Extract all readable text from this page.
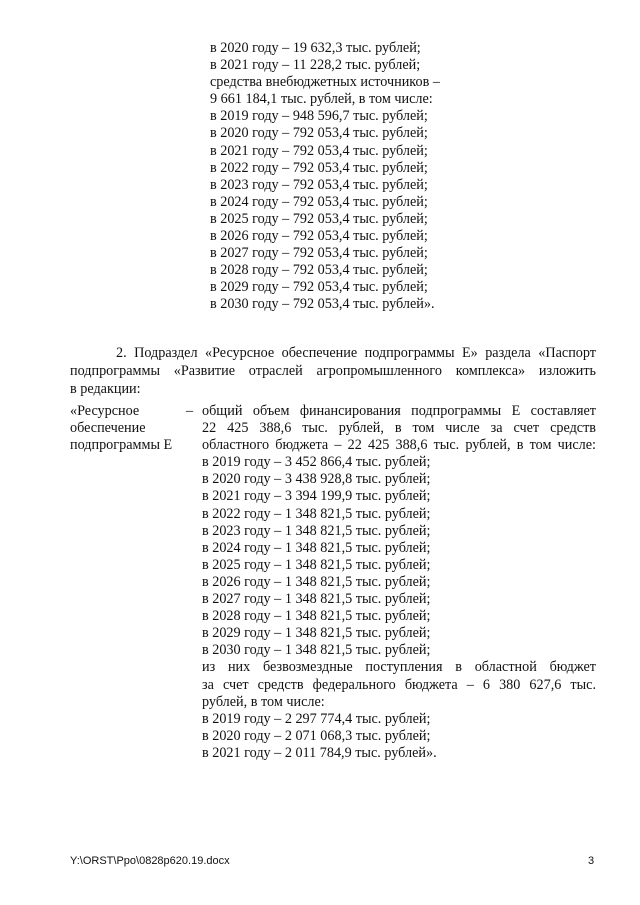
в 2020 году – 19 632,3 тыс. рублей;
в 2021 году – 11 228,2 тыс. рублей;
средства внебюджетных источников –
9 661 184,1 тыс. рублей, в том числе:
в 2019 году – 948 596,7 тыс. рублей;
в 2020 году – 792 053,4 тыс. рублей;
в 2021 году – 792 053,4 тыс. рублей;
в 2022 году – 792 053,4 тыс. рублей;
в 2023 году – 792 053,4 тыс. рублей;
в 2024 году – 792 053,4 тыс. рублей;
в 2025 году – 792 053,4 тыс. рублей;
в 2026 году – 792 053,4 тыс. рублей;
в 2027 году – 792 053,4 тыс. рублей;
в 2028 году – 792 053,4 тыс. рублей;
в 2029 году – 792 053,4 тыс. рублей;
в 2030 году – 792 053,4 тыс. рублей».
2. Подраздел «Ресурсное обеспечение подпрограммы Е» раздела «Паспорт
подпрограммы «Развитие отраслей агропромышленного комплекса» изложить
в редакции:
«Ресурсное
обеспечение
подпрограммы Е
– общий объем финансирования подпрограммы Е составляет
22 425 388,6 тыс. рублей, в том числе за счет средств
областного бюджета – 22 425 388,6 тыс. рублей, в том числе:
в 2019 году – 3 452 866,4 тыс. рублей;
в 2020 году – 3 438 928,8 тыс. рублей;
в 2021 году – 3 394 199,9 тыс. рублей;
в 2022 году – 1 348 821,5 тыс. рублей;
в 2023 году – 1 348 821,5 тыс. рублей;
в 2024 году – 1 348 821,5 тыс. рублей;
в 2025 году – 1 348 821,5 тыс. рублей;
в 2026 году – 1 348 821,5 тыс. рублей;
в 2027 году – 1 348 821,5 тыс. рублей;
в 2028 году – 1 348 821,5 тыс. рублей;
в 2029 году – 1 348 821,5 тыс. рублей;
в 2030 году – 1 348 821,5 тыс. рублей;
из них безвозмездные поступления в областной бюджет
за счет средств федерального бюджета – 6 380 627,6 тыс.
рублей, в том числе:
в 2019 году – 2 297 774,4 тыс. рублей;
в 2020 году – 2 071 068,3 тыс. рублей;
в 2021 году – 2 011 784,9 тыс. рублей».
Y:\ORST\Ppo\0828p620.19.docx	3
